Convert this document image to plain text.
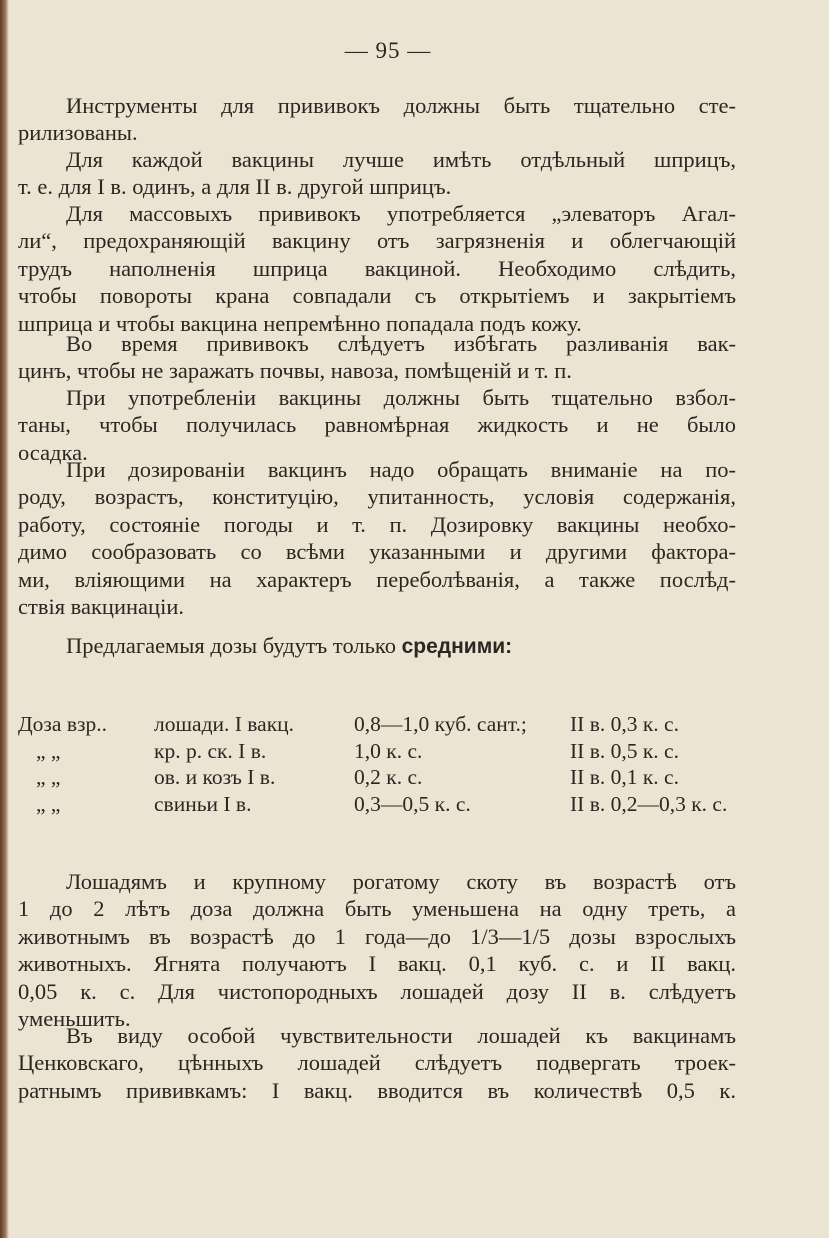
— 95 —
Инструменты для прививокъ должны быть тщательно сте-
рилизованы.
Для каждой вакцины лучше имѣть отдѣльный шприцъ,
т. е. для I в. одинъ, а для II в. другой шприцъ.
Для массовыхъ прививокъ употребляется „элеваторъ Агал-
ли“, предохраняющій вакцину отъ загрязненія и облегчающій
трудъ наполненія шприца вакциной. Необходимо слѣдить,
чтобы повороты крана совпадали съ открытіемъ и закрытіемъ
шприца и чтобы вакцина непремѣнно попадала подъ кожу.
Во время прививокъ слѣдуетъ избѣгать разливанія вак-
цинъ, чтобы не заражать почвы, навоза, помѣщеній и т. п.
При употребленіи вакцины должны быть тщательно взбол-
таны, чтобы получилась равномѣрная жидкость и не было
осадка.
При дозированіи вакцинъ надо обращать вниманіе на по-
роду, возрастъ, конституцію, упитанность, условія содержанія,
работу, состояніе погоды и т. п. Дозировку вакцины необхо-
димо сообразовать со всѣми указанными и другими фактора-
ми, вліяющими на характеръ переболѣванія, а также послѣд-
ствія вакцинаціи.
Предлагаемыя дозы будутъ только средними:
Доза взр..	лошади. I вакц.	0,8—1,0 куб. сант.;	II в. 0,3 к. с.
„ „	кр. р. ск. I в.	1,0 к. с.	II в. 0,5 к. с.
„ „	ов. и козъ I в.	0,2 к. с.	II в. 0,1 к. с.
„ „	свиньи I в.	0,3—0,5 к. с.	II в. 0,2—0,3 к. с.
Лошадямъ и крупному рогатому скоту въ возрастѣ отъ
1 до 2 лѣтъ доза должна быть уменьшена на одну треть, а
животнымъ въ возрастѣ до 1 года—до 1/3—1/5 дозы взрослыхъ
животныхъ. Ягнята получаютъ I вакц. 0,1 куб. с. и II вакц.
0,05 к. с. Для чистопородныхъ лошадей дозу II в. слѣдуетъ
уменьшить.
Въ виду особой чувствительности лошадей къ вакцинамъ
Ценковскаго, цѣнныхъ лошадей слѣдуетъ подвергать троек-
ратнымъ прививкамъ: I вакц. вводится въ количествѣ 0,5 к.
